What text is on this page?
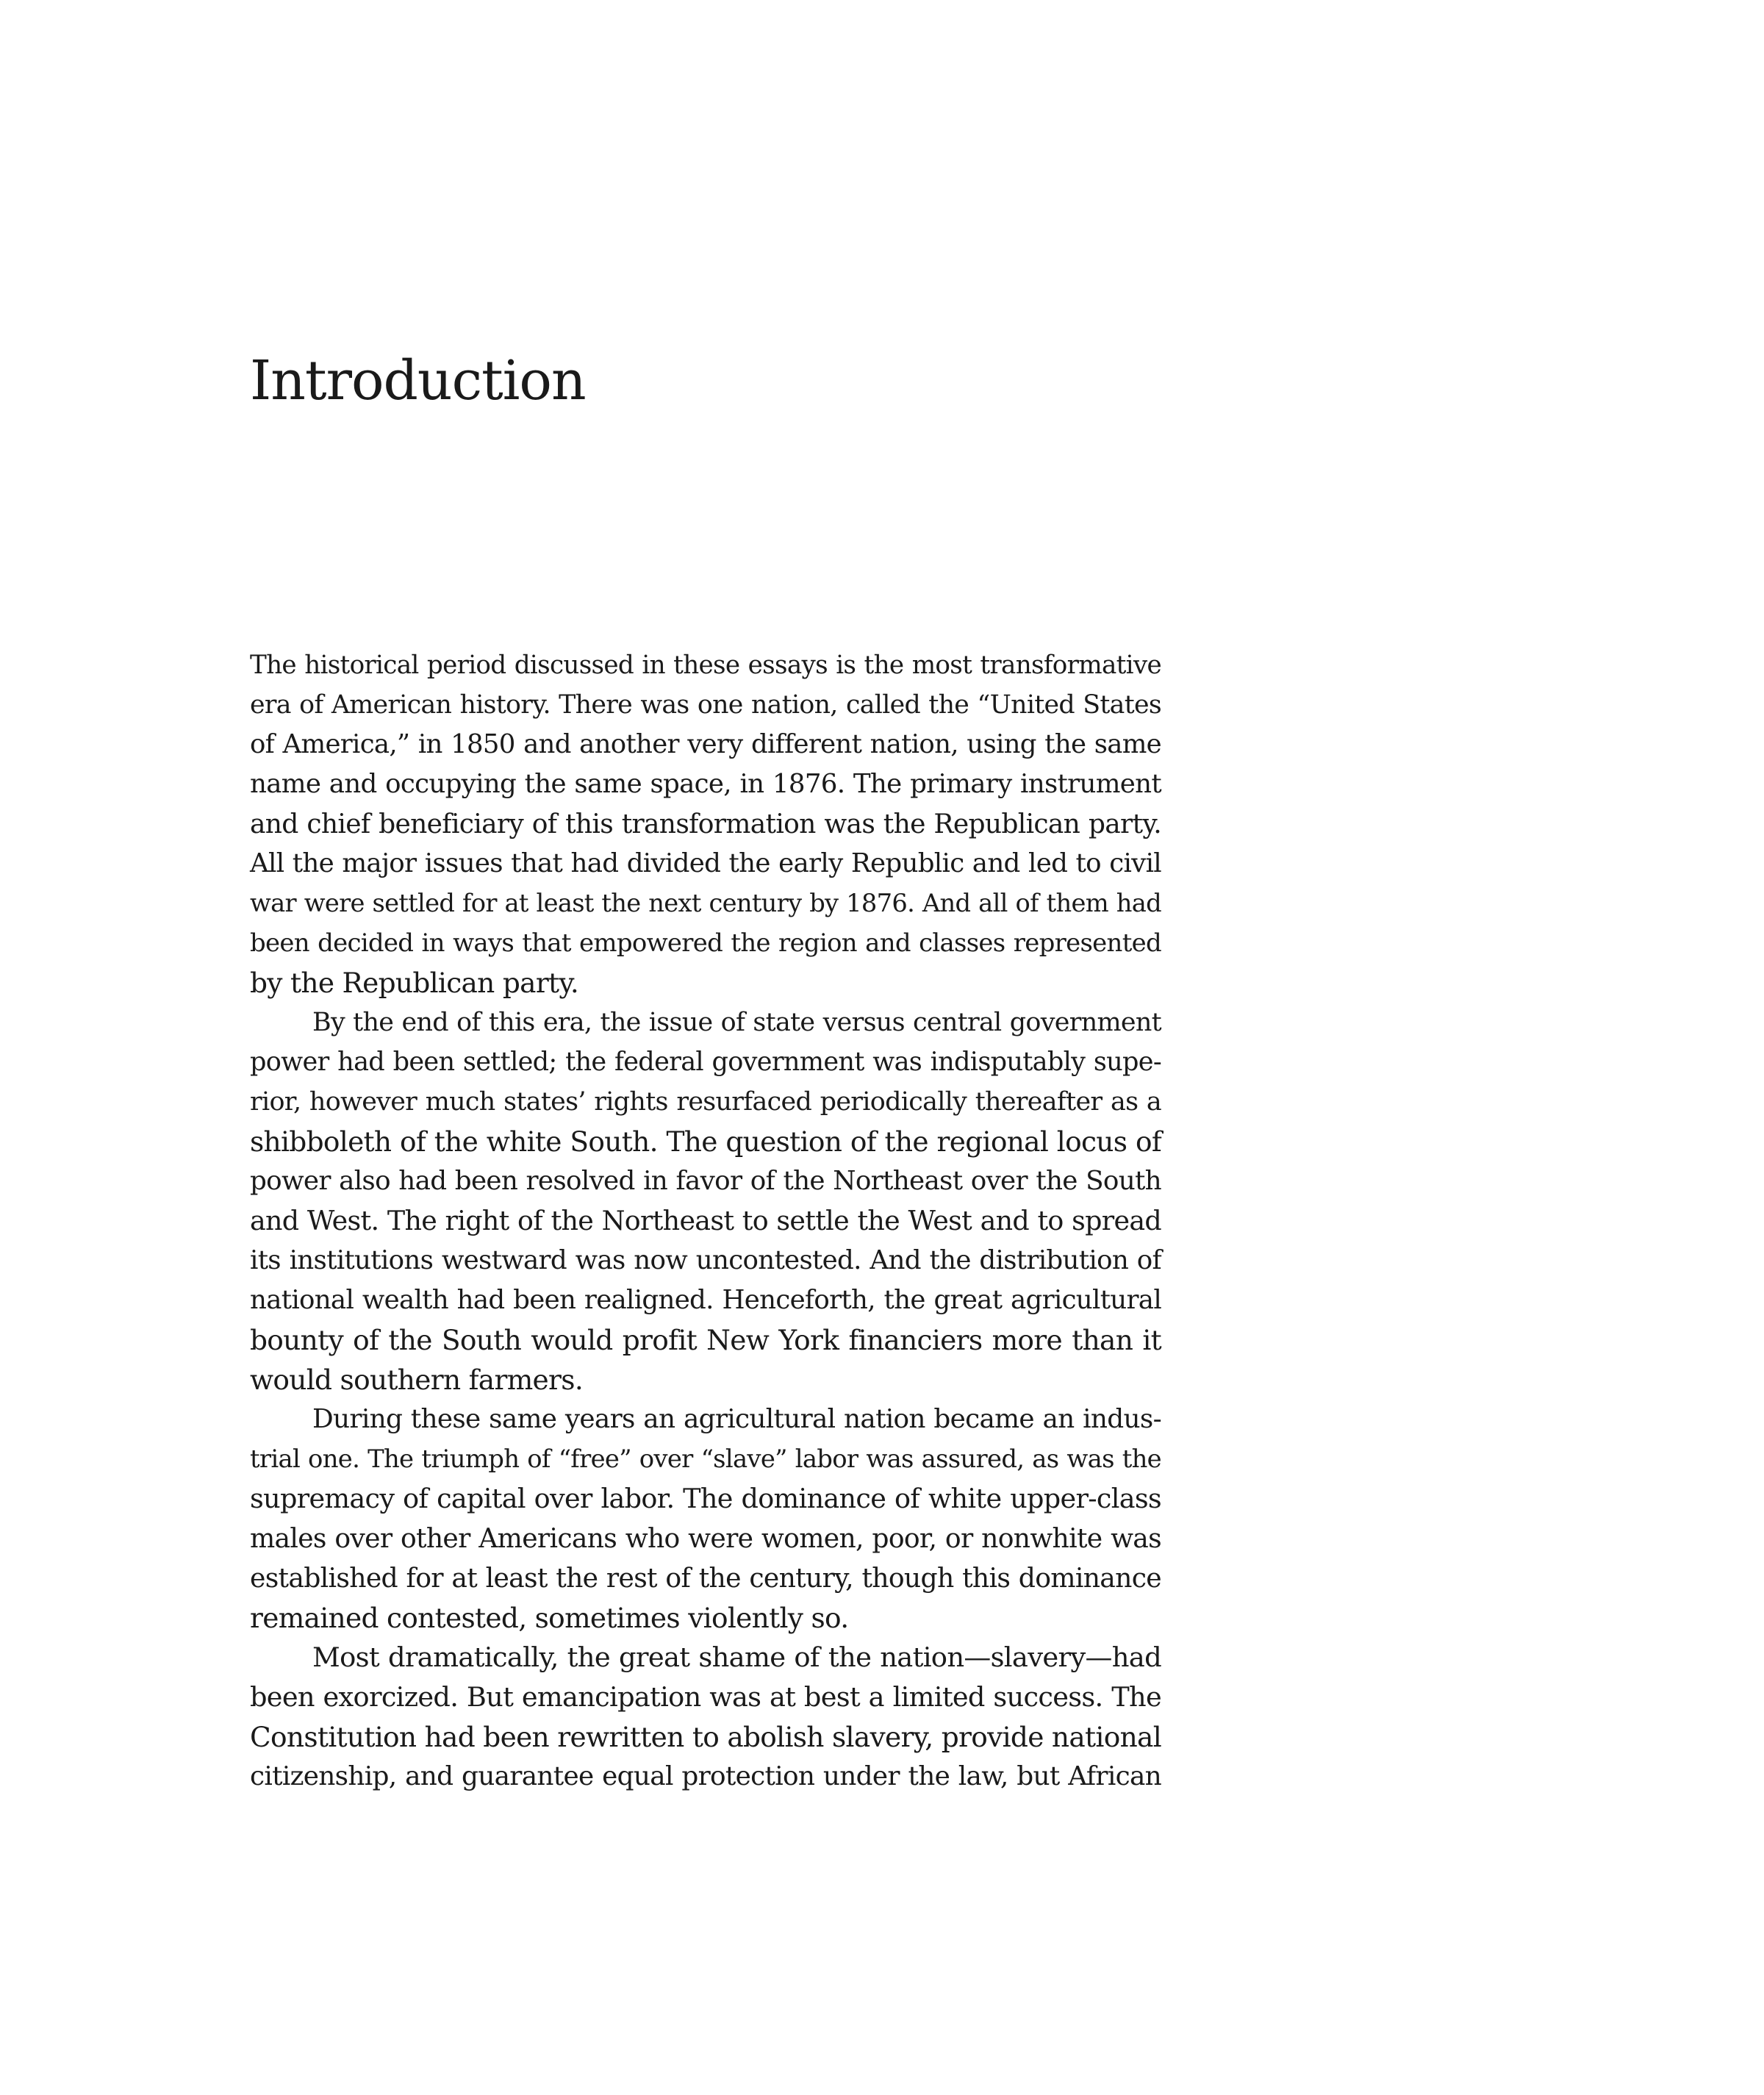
Introduction

The historical period discussed in these essays is the most transformative
era of American history. There was one nation, called the “United States
of America,” in 1850 and another very different nation, using the same
name and occupying the same space, in 1876. The primary instrument
and chief beneficiary of this transformation was the Republican party.
All the major issues that had divided the early Republic and led to civil
war were settled for at least the next century by 1876. And all of them had
been decided in ways that empowered the region and classes represented
by the Republican party.

By the end of this era, the issue of state versus central government
power had been settled; the federal government was indisputably supe-
rior, however much states’ rights resurfaced periodically thereafter as a
shibboleth of the white South. The question of the regional locus of
power also had been resolved in favor of the Northeast over the South
and West. The right of the Northeast to settle the West and to spread
its institutions westward was now uncontested. And the distribution of
national wealth had been realigned. Henceforth, the great agricultural
bounty of the South would profit New York financiers more than it
would southern farmers.

During these same years an agricultural nation became an indus-
trial one. The triumph of “free” over “slave” labor was assured, as was the
supremacy of capital over labor. The dominance of white upper-class
males over other Americans who were women, poor, or nonwhite was
established for at least the rest of the century, though this dominance
remained contested, sometimes violently so.

Most dramatically, the great shame of the nation—slavery—had
been exorcized. But emancipation was at best a limited success. The
Constitution had been rewritten to abolish slavery, provide national
citizenship, and guarantee equal protection under the law, but African
